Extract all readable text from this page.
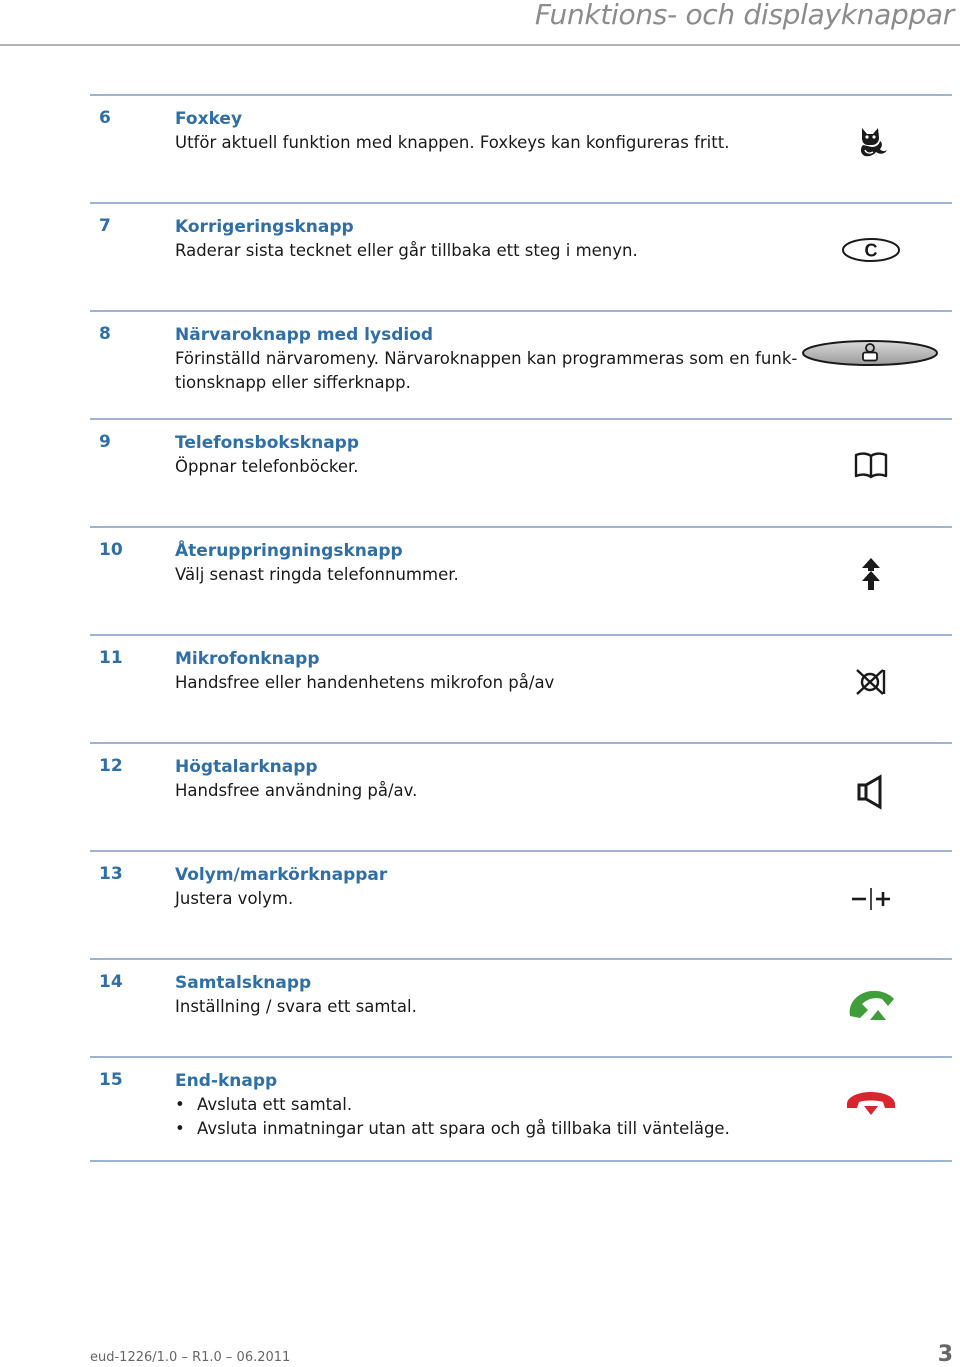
Funktions- och displayknappar
6	Foxkey
Utför aktuell funktion med knappen. Foxkeys kan konfigureras fritt.
7	Korrigeringsknapp
Raderar sista tecknet eller går tillbaka ett steg i menyn.	C
8	Närvaroknapp med lysdiod
Förinställd närvaromeny. Närvaroknappen kan programmeras som en funk-
tionsknapp eller sifferknapp.
9	Telefonsboksknapp
Öppnar telefonböcker.
10	Återuppringningsknapp
Välj senast ringda telefonnummer.
11	Mikrofonknapp
Handsfree eller handenhetens mikrofon på/av
12	Högtalarknapp
Handsfree användning på/av.
13	Volym/markörknappar
Justera volym.
14	Samtalsknapp
Inställning / svara ett samtal.
15	End-knapp
• Avsluta ett samtal.
• Avsluta inmatningar utan att spara och gå tillbaka till vänteläge.
eud-1226/1.0 – R1.0 – 06.2011	3
